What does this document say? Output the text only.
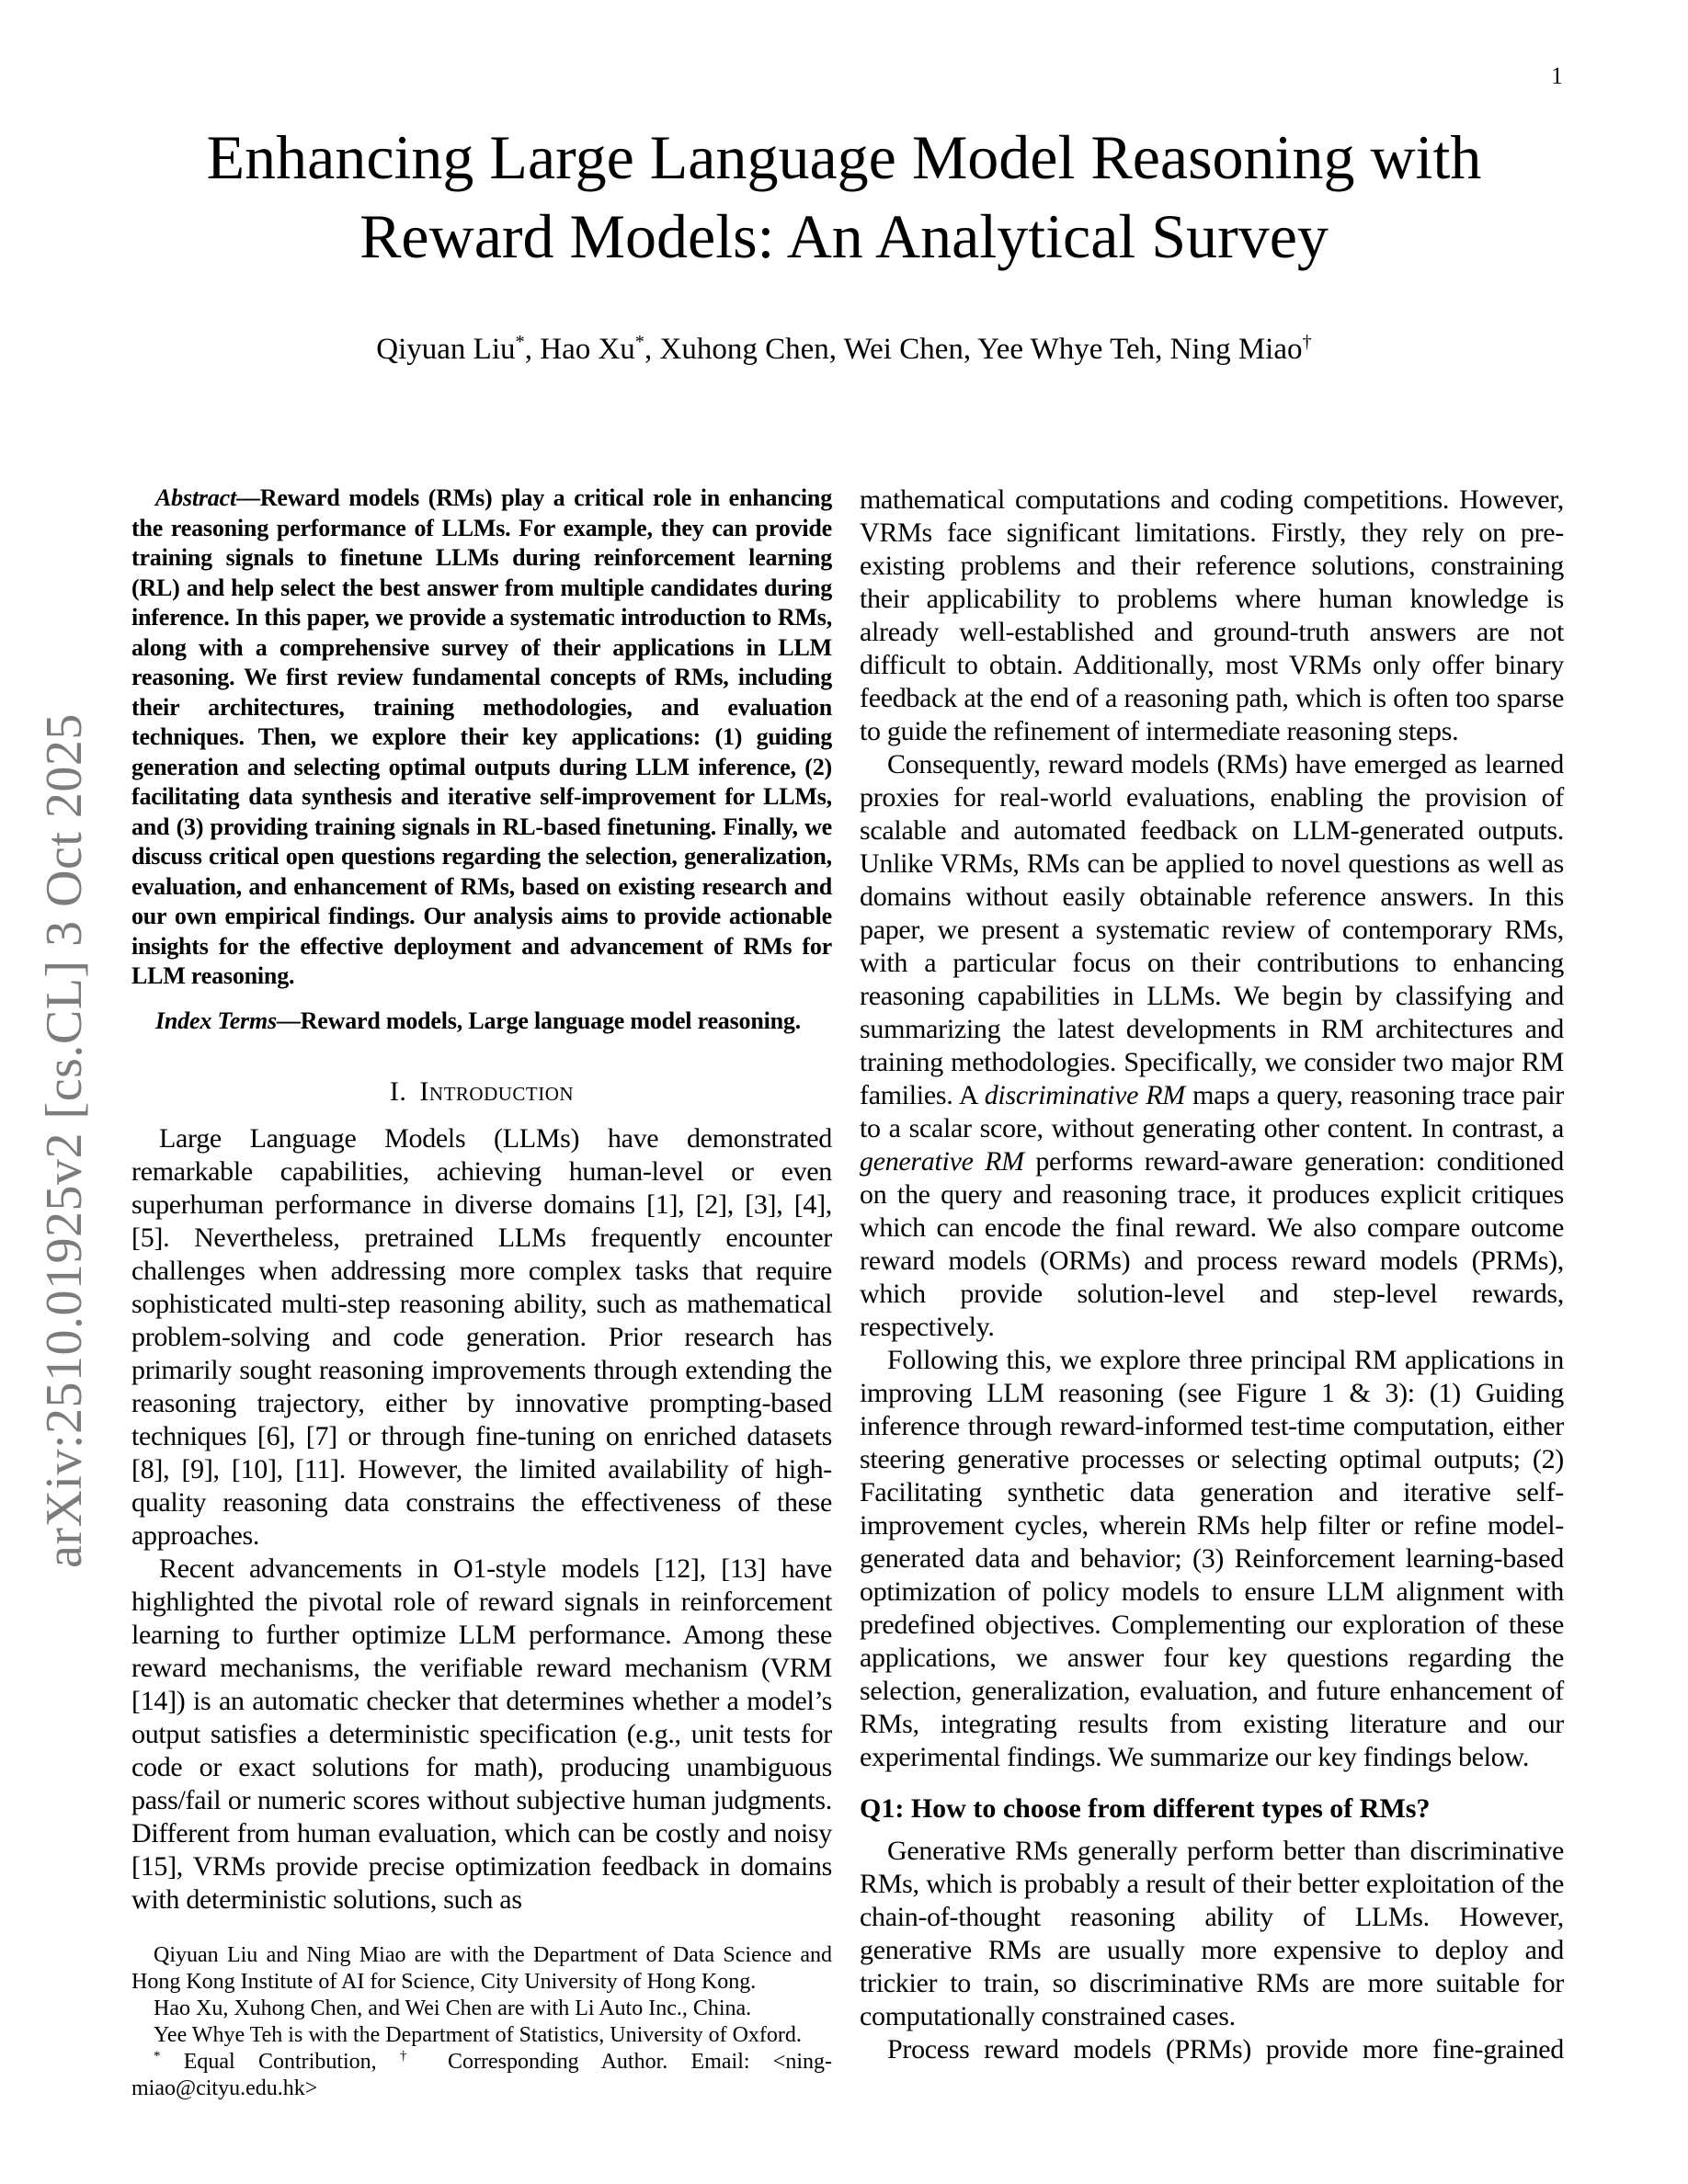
1
arXiv:2510.01925v2 [cs.CL] 3 Oct 2025
Enhancing Large Language Model Reasoning with
Reward Models: An Analytical Survey
Qiyuan Liu*, Hao Xu*, Xuhong Chen, Wei Chen, Yee Whye Teh, Ning Miao†

Abstract—Reward models (RMs) play a critical role in enhancing the reasoning performance of LLMs. For example, they can provide training signals to finetune LLMs during reinforcement learning (RL) and help select the best answer from multiple candidates during inference. In this paper, we provide a systematic introduction to RMs, along with a comprehensive survey of their applications in LLM reasoning. We first review fundamental concepts of RMs, including their architectures, training methodologies, and evaluation techniques. Then, we explore their key applications: (1) guiding generation and selecting optimal outputs during LLM inference, (2) facilitating data synthesis and iterative self-improvement for LLMs, and (3) providing training signals in RL-based finetuning. Finally, we discuss critical open questions regarding the selection, generalization, evaluation, and enhancement of RMs, based on existing research and our own empirical findings. Our analysis aims to provide actionable insights for the effective deployment and advancement of RMs for LLM reasoning.

Index Terms—Reward models, Large language model reasoning.

I. Introduction

Large Language Models (LLMs) have demonstrated remarkable capabilities, achieving human-level or even superhuman performance in diverse domains [1], [2], [3], [4], [5]. Nevertheless, pretrained LLMs frequently encounter challenges when addressing more complex tasks that require sophisticated multi-step reasoning ability, such as mathematical problem-solving and code generation. Prior research has primarily sought reasoning improvements through extending the reasoning trajectory, either by innovative prompting-based techniques [6], [7] or through fine-tuning on enriched datasets [8], [9], [10], [11]. However, the limited availability of high-quality reasoning data constrains the effectiveness of these approaches.

Recent advancements in O1-style models [12], [13] have highlighted the pivotal role of reward signals in reinforcement learning to further optimize LLM performance. Among these reward mechanisms, the verifiable reward mechanism (VRM [14]) is an automatic checker that determines whether a model’s output satisfies a deterministic specification (e.g., unit tests for code or exact solutions for math), producing unambiguous pass/fail or numeric scores without subjective human judgments. Different from human evaluation, which can be costly and noisy [15], VRMs provide precise optimization feedback in domains with deterministic solutions, such as

Qiyuan Liu and Ning Miao are with the Department of Data Science and Hong Kong Institute of AI for Science, City University of Hong Kong.

Hao Xu, Xuhong Chen, and Wei Chen are with Li Auto Inc., China.

Yee Whye Teh is with the Department of Statistics, University of Oxford.

* Equal Contribution, † Corresponding Author. Email: <ning-miao@cityu.edu.hk>

mathematical computations and coding competitions. However, VRMs face significant limitations. Firstly, they rely on pre-existing problems and their reference solutions, constraining their applicability to problems where human knowledge is already well-established and ground-truth answers are not difficult to obtain. Additionally, most VRMs only offer binary feedback at the end of a reasoning path, which is often too sparse to guide the refinement of intermediate reasoning steps.

Consequently, reward models (RMs) have emerged as learned proxies for real-world evaluations, enabling the provision of scalable and automated feedback on LLM-generated outputs. Unlike VRMs, RMs can be applied to novel questions as well as domains without easily obtainable reference answers. In this paper, we present a systematic review of contemporary RMs, with a particular focus on their contributions to enhancing reasoning capabilities in LLMs. We begin by classifying and summarizing the latest developments in RM architectures and training methodologies. Specifically, we consider two major RM families. A discriminative RM maps a query, reasoning trace pair to a scalar score, without generating other content. In contrast, a generative RM performs reward-aware generation: conditioned on the query and reasoning trace, it produces explicit critiques which can encode the final reward. We also compare outcome reward models (ORMs) and process reward models (PRMs), which provide solution-level and step-level rewards, respectively.

Following this, we explore three principal RM applications in improving LLM reasoning (see Figure 1 & 3): (1) Guiding inference through reward-informed test-time computation, either steering generative processes or selecting optimal outputs; (2) Facilitating synthetic data generation and iterative self-improvement cycles, wherein RMs help filter or refine model-generated data and behavior; (3) Reinforcement learning-based optimization of policy models to ensure LLM alignment with predefined objectives. Complementing our exploration of these applications, we answer four key questions regarding the selection, generalization, evaluation, and future enhancement of RMs, integrating results from existing literature and our experimental findings. We summarize our key findings below.

Q1: How to choose from different types of RMs?

Generative RMs generally perform better than discriminative RMs, which is probably a result of their better exploitation of the chain-of-thought reasoning ability of LLMs. However, generative RMs are usually more expensive to deploy and trickier to train, so discriminative RMs are more suitable for computationally constrained cases.

Process reward models (PRMs) provide more fine-grained
